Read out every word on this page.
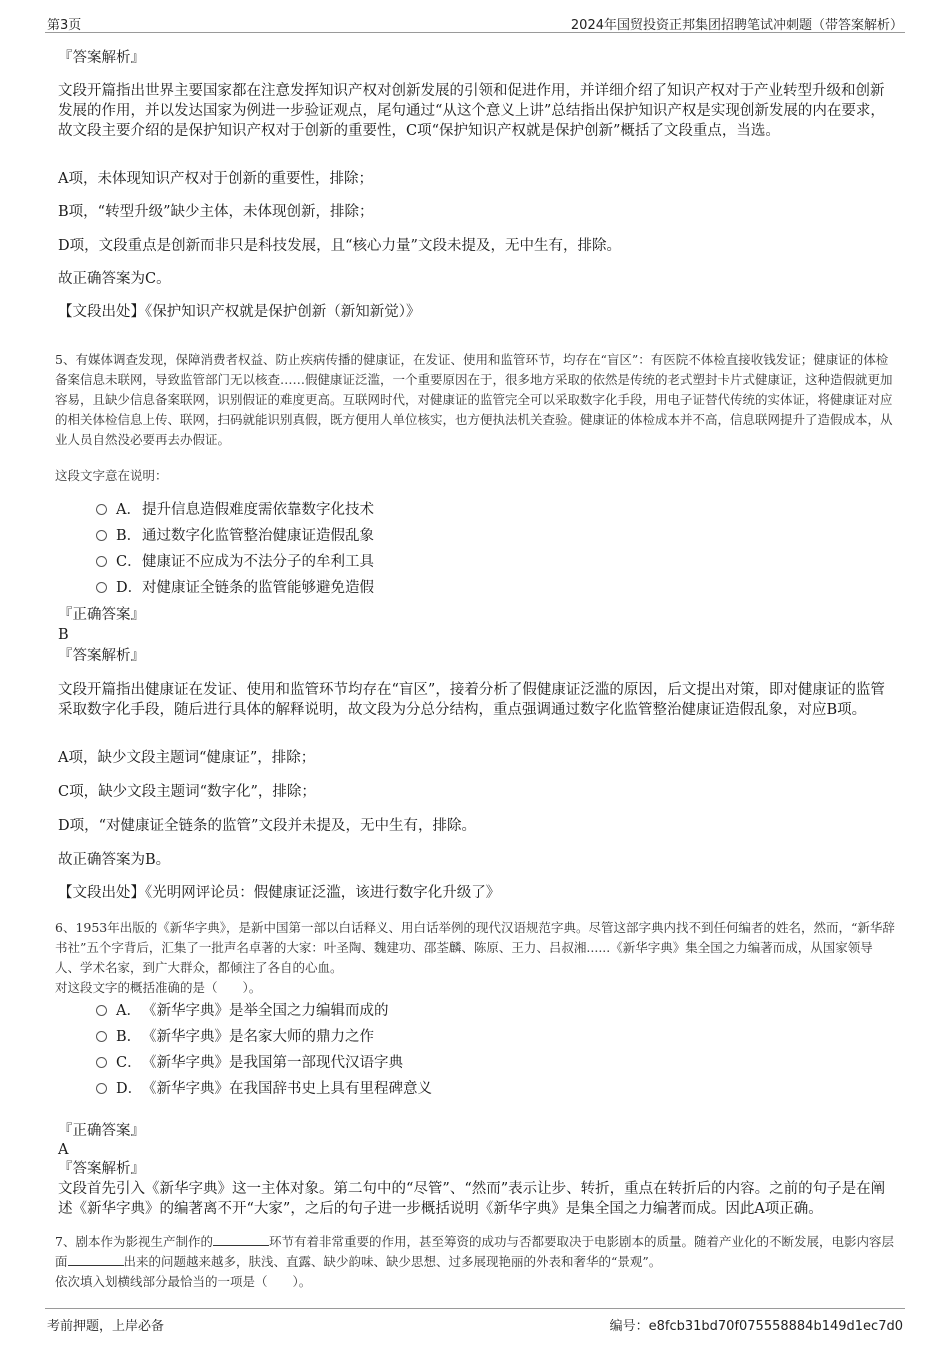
第3页	2024年国贸投资正邦集团招聘笔试冲刺题（带答案解析）
『答案解析』
文段开篇指出世界主要国家都在注意发挥知识产权对创新发展的引领和促进作用，并详细介绍了知识产权对于产业转型升级和创新发展的作用，并以发达国家为例进一步验证观点，尾句通过“从这个意义上讲”总结指出保护知识产权是实现创新发展的内在要求，故文段主要介绍的是保护知识产权对于创新的重要性，C项“保护知识产权就是保护创新”概括了文段重点，当选。
A项，未体现知识产权对于创新的重要性，排除；
B项，“转型升级”缺少主体，未体现创新，排除；
D项，文段重点是创新而非只是科技发展，且“核心力量”文段未提及，无中生有，排除。
故正确答案为C。
【文段出处】《保护知识产权就是保护创新（新知新觉）》
5、有媒体调查发现，保障消费者权益、防止疾病传播的健康证，在发证、使用和监管环节，均存在“盲区”：有医院不体检直接收钱发证；健康证的体检备案信息未联网，导致监管部门无以核查……假健康证泛滥，一个重要原因在于，很多地方采取的依然是传统的老式塑封卡片式健康证，这种造假就更加容易，且缺少信息备案联网，识别假证的难度更高。互联网时代，对健康证的监管完全可以采取数字化手段，用电子证替代传统的实体证，将健康证对应的相关体检信息上传、联网，扫码就能识别真假，既方便用人单位核实，也方便执法机关查验。健康证的体检成本并不高，信息联网提升了造假成本，从业人员自然没必要再去办假证。
这段文字意在说明：
A．提升信息造假难度需依靠数字化技术
B．通过数字化监管整治健康证造假乱象
C．健康证不应成为不法分子的牟利工具
D．对健康证全链条的监管能够避免造假
『正确答案』
B
『答案解析』
文段开篇指出健康证在发证、使用和监管环节均存在“盲区”，接着分析了假健康证泛滥的原因，后文提出对策，即对健康证的监管采取数字化手段，随后进行具体的解释说明，故文段为分总分结构，重点强调通过数字化监管整治健康证造假乱象，对应B项。
A项，缺少文段主题词“健康证”，排除；
C项，缺少文段主题词“数字化”，排除；
D项，“对健康证全链条的监管”文段并未提及，无中生有，排除。
故正确答案为B。
【文段出处】《光明网评论员：假健康证泛滥，该进行数字化升级了》
6、1953年出版的《新华字典》，是新中国第一部以白话释义、用白话举例的现代汉语规范字典。尽管这部字典内找不到任何编者的姓名，然而，“新华辞书社”五个字背后，汇集了一批声名卓著的大家：叶圣陶、魏建功、邵荃麟、陈原、王力、吕叔湘......《新华字典》集全国之力编著而成，从国家领导人、学术名家，到广大群众，都倾注了各自的心血。
对这段文字的概括准确的是（　　）。
A．《新华字典》是举全国之力编辑而成的
B．《新华字典》是名家大师的鼎力之作
C．《新华字典》是我国第一部现代汉语字典
D．《新华字典》在我国辞书史上具有里程碑意义
『正确答案』
A
『答案解析』
文段首先引入《新华字典》这一主体对象。第二句中的“尽管”、“然而”表示让步、转折，重点在转折后的内容。之前的句子是在阐述《新华字典》的编著离不开“大家”，之后的句子进一步概括说明《新华字典》是集全国之力编著而成。因此A项正确。
7、剧本作为影视生产制作的	环节有着非常重要的作用，甚至筹资的成功与否都要取决于电影剧本的质量。随着产业化的不断发展，电影内容层面	出来的问题越来越多，肤浅、直露、缺少韵味、缺少思想、过多展现艳丽的外表和奢华的“景观”。
依次填入划横线部分最恰当的一项是（　　）。
考前押题，上岸必备	编号：e8fcb31bd70f075558884b149d1ec7d0
